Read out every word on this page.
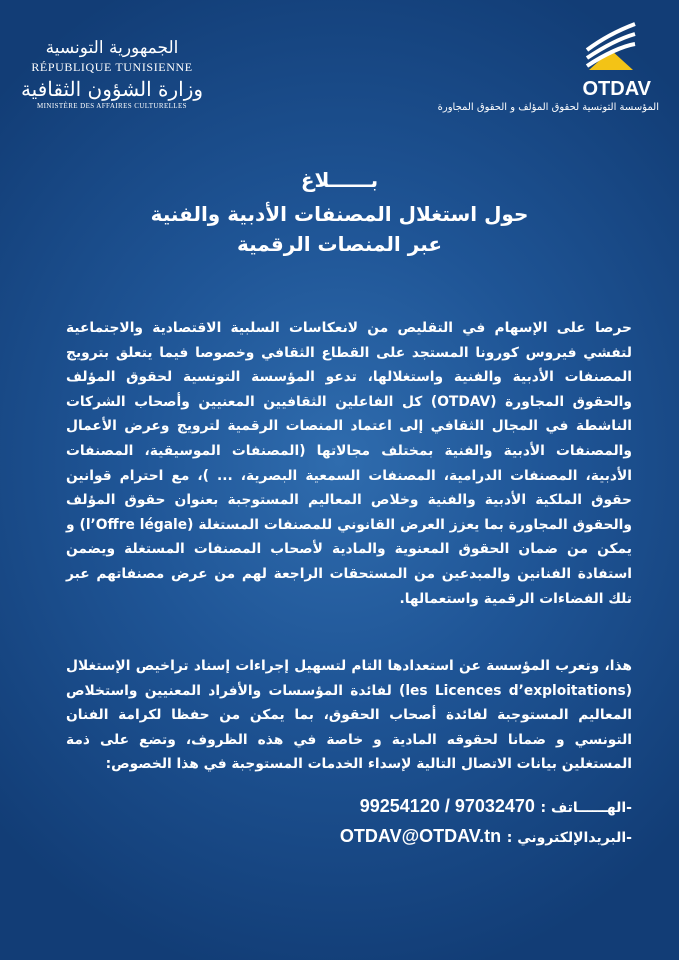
الجمهورية التونسية
RÉPUBLIQUE TUNISIENNE
وزارة الشؤون الثقافية
MINISTÈRE DES AFFAIRES CULTURELLES
OTDAV
المؤسسة التونسية لحقوق المؤلف و الحقوق المجاورة
بــــــلاغ
حول استغلال المصنفات الأدبية والفنية
عبر المنصات الرقمية
حرصا على الإسهام في التقليص من لانعكاسات السلبية الاقتصادية والاجتماعية لتفشي فيروس كورونا المستجد على القطاع الثقافي وخصوصا فيما يتعلق بترويج المصنفات الأدبية والفنية واستغلالها، تدعو المؤسسة التونسية لحقوق المؤلف والحقوق المجاورة (OTDAV) كل الفاعلين الثقافيين المعنيين وأصحاب الشركات الناشطة في المجال الثقافي إلى اعتماد المنصات الرقمية لترويج وعرض الأعمال والمصنفات الأدبية والفنية بمختلف مجالاتها (المصنفات الموسيقية، المصنفات الأدبية، المصنفات الدرامية، المصنفات السمعية البصرية، ... )، مع احترام قوانين حقوق الملكية الأدبية والفنية وخلاص المعاليم المستوجبة بعنوان حقوق المؤلف والحقوق المجاورة بما يعزز العرض القانوني للمصنفات المستغلة (l’Offre légale) و يمكن من ضمان الحقوق المعنوية والمادية لأصحاب المصنفات المستغلة ويضمن استفادة الفنانين والمبدعين من المستحقات الراجعة لهم من عرض مصنفاتهم عبر تلك الفضاءات الرقمية واستعمالها.
هذا، وتعرب المؤسسة عن استعدادها التام لتسهيل إجراءات إسناد تراخيص الإستغلال (les Licences d’exploitations) لفائدة المؤسسات والأفراد المعنيين واستخلاص المعاليم المستوجبة لفائدة أصحاب الحقوق، بما يمكن من حفظا لكرامة الفنان التونسي و ضمانا لحقوقه المادية و خاصة في هذه الظروف، وتضع على ذمة المستغلين بيانات الاتصال التالية لإسداء الخدمات المستوجبة في هذا الخصوص:
-الهــــــاتف : 99254120 / 97032470
-البريدالإلكتروني : OTDAV@OTDAV.tn
